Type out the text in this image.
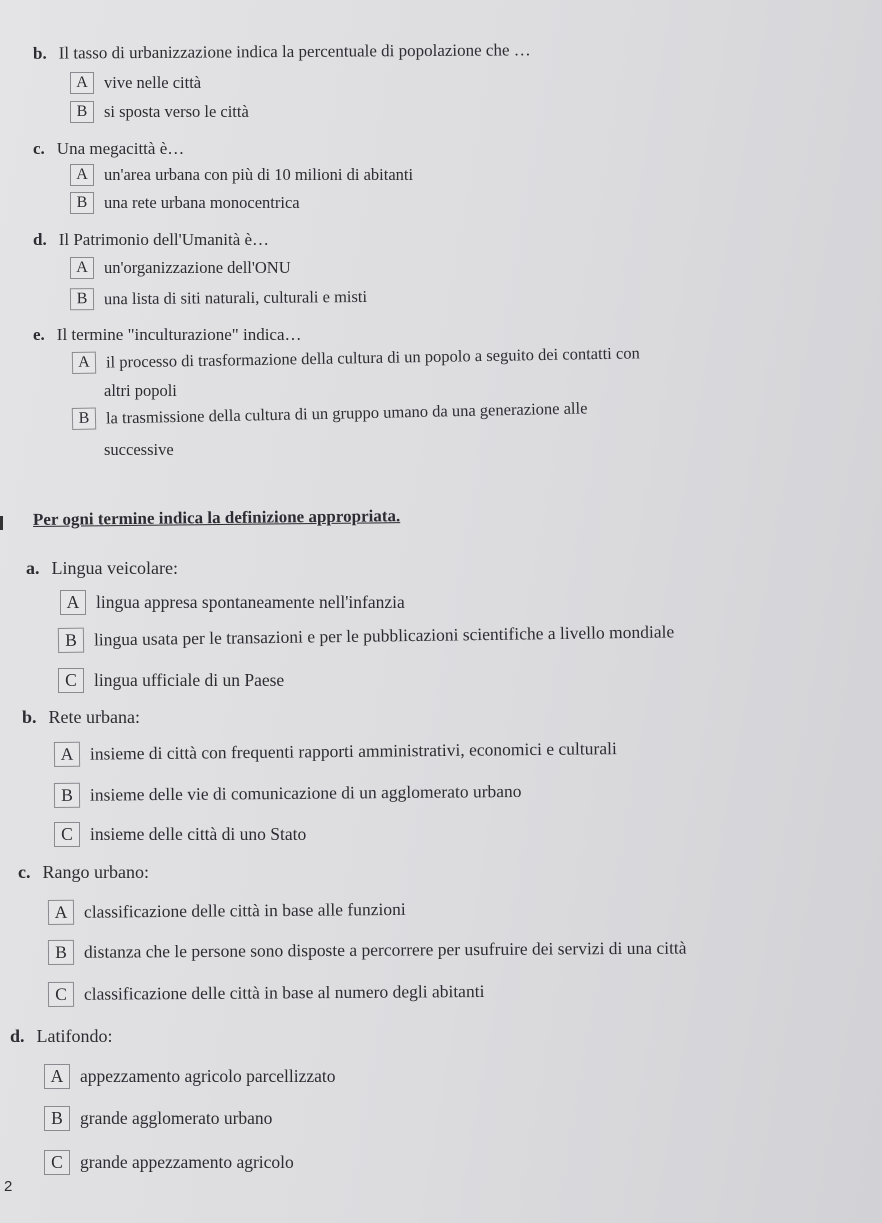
b. Il tasso di urbanizzazione indica la percentuale di popolazione che …
A vive nelle città
B si sposta verso le città
c. Una megacittà è…
A un'area urbana con più di 10 milioni di abitanti
B una rete urbana monocentrica
d. Il Patrimonio dell'Umanità è…
A un'organizzazione dell'ONU
B una lista di siti naturali, culturali e misti
e. Il termine "inculturazione" indica…
A il processo di trasformazione della cultura di un popolo a seguito dei contatti con
altri popoli
B la trasmissione della cultura di un gruppo umano da una generazione alle
successive
Per ogni termine indica la definizione appropriata.
a. Lingua veicolare:
A lingua appresa spontaneamente nell'infanzia
B lingua usata per le transazioni e per le pubblicazioni scientifiche a livello mondiale
C lingua ufficiale di un Paese
b. Rete urbana:
A insieme di città con frequenti rapporti amministrativi, economici e culturali
B insieme delle vie di comunicazione di un agglomerato urbano
C insieme delle città di uno Stato
c. Rango urbano:
A classificazione delle città in base alle funzioni
B distanza che le persone sono disposte a percorrere per usufruire dei servizi di una città
C classificazione delle città in base al numero degli abitanti
d. Latifondo:
A appezzamento agricolo parcellizzato
B grande agglomerato urbano
C grande appezzamento agricolo
2
